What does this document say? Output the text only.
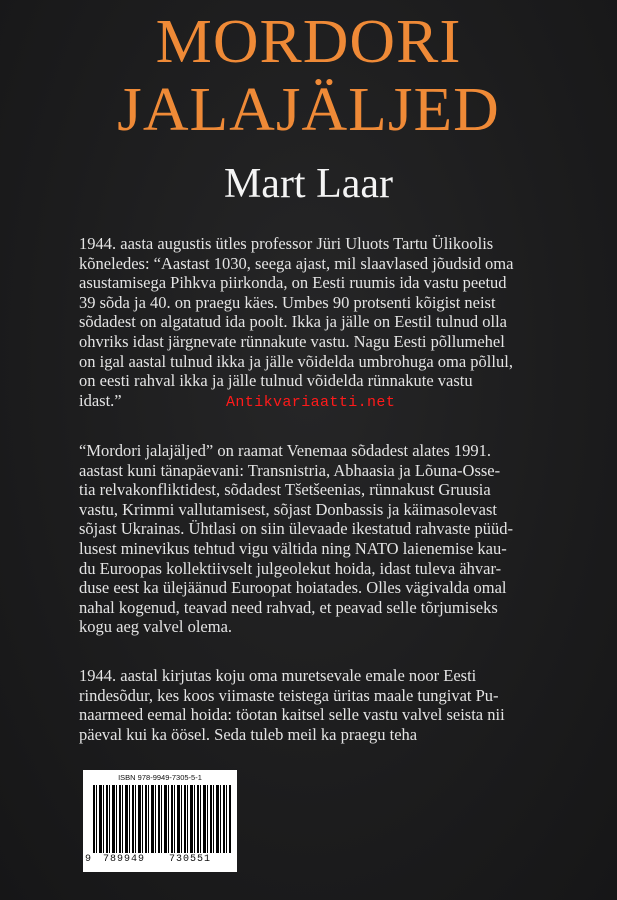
MORDORI
JALAJÄLJED
Mart Laar
1944. aasta augustis ütles professor Jüri Uluots Tartu Ülikoolis
kõneledes: “Aastast 1030, seega ajast, mil slaavlased jõudsid oma
asustamisega Pihkva piirkonda, on Eesti ruumis ida vastu peetud
39 sõda ja 40. on praegu käes. Umbes 90 protsenti kõigist neist
sõdadest on algatatud ida poolt. Ikka ja jälle on Eestil tulnud olla
ohvriks idast järgnevate rünnakute vastu. Nagu Eesti põllumehel
on igal aastal tulnud ikka ja jälle võidelda umbrohuga oma põllul,
on eesti rahval ikka ja jälle tulnud võidelda rünnakute vastu
idast.”	Antikvariaatti.net
“Mordori jalajäljed” on raamat Venemaa sõdadest alates 1991.
aastast kuni tänapäevani: Transnistria, Abhaasia ja Lõuna-Osse-
tia relvakonfliktidest, sõdadest Tšetšeenias, rünnakust Gruusia
vastu, Krimmi vallutamisest, sõjast Donbassis ja käimasolevast
sõjast Ukrainas. Ühtlasi on siin ülevaade ikestatud rahvaste püüd-
lusest minevikus tehtud vigu vältida ning NATO laienemise kau-
du Euroopas kollektiivselt julgeolekut hoida, idast tuleva ähvar-
duse eest ka ülejäänud Euroopat hoiatades. Olles vägivalda omal
nahal kogenud, teavad need rahvad, et peavad selle tõrjumiseks
kogu aeg valvel olema.
1944. aastal kirjutas koju oma muretsevale emale noor Eesti
rindesõdur, kes koos viimaste teistega üritas maale tungivat Pu-
naarmeed eemal hoida: töotan kaitsel selle vastu valvel seista nii
päeval kui ka öösel. Seda tuleb meil ka praegu teha
ISBN 978-9949-7305-5-1
9 789949 730551
